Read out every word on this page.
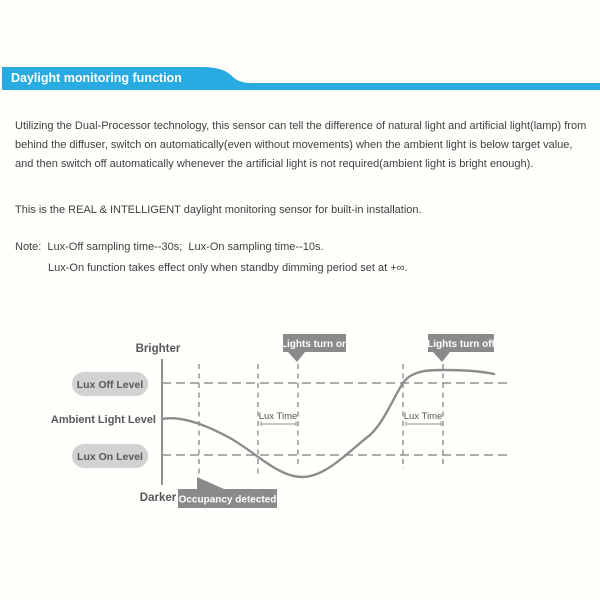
Daylight monitoring function
Utilizing the Dual-Processor technology, this sensor can tell the difference of natural light and artificial light(lamp) from
behind the diffuser, switch on automatically(even without movements) when the ambient light is below target value,
and then switch off automatically whenever the artificial light is not required(ambient light is bright enough).
This is the REAL & INTELLIGENT daylight monitoring sensor for built-in installation.
Note:  Lux-Off sampling time--30s;  Lux-On sampling time--10s.
Lux-On function takes effect only when standby dimming period set at +∞.
Lux Time	Lux Time
Brighter
Darker
Ambient Light Level
Lux Off Level
Lux On Level
Lights turn on	Lights turn off
Occupancy detected
